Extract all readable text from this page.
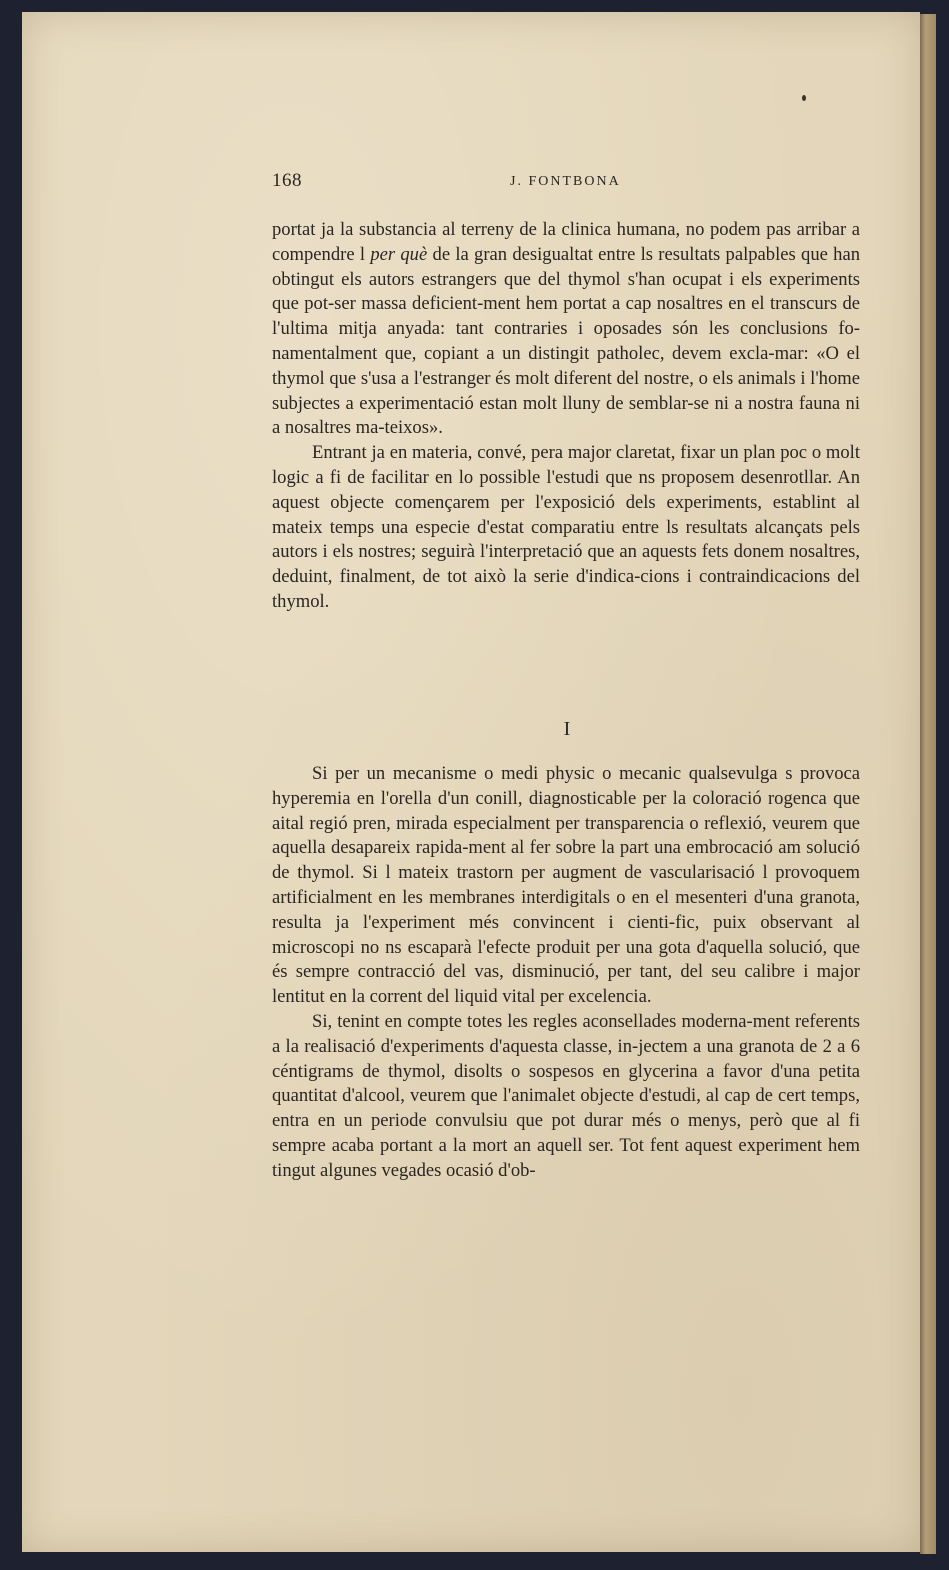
168	J. FONTBONA

portat ja la substancia al terreny de la clinica humana, no podem pas arribar a compendre l per què de la gran desigualtat entre ls resultats palpables que han obtingut els autors estrangers que del thymol s'han ocupat i els experiments que pot-ser massa deficient-ment hem portat a cap nosaltres en el transcurs de l'ultima mitja anyada: tant contraries i oposades són les conclusions fo-namentalment que, copiant a un distingit patholec, devem excla-mar: «O el thymol que s'usa a l'estranger és molt diferent del nostre, o els animals i l'home subjectes a experimentació estan molt lluny de semblar-se ni a nostra fauna ni a nosaltres ma-teixos».

Entrant ja en materia, convé, pera major claretat, fixar un plan poc o molt logic a fi de facilitar en lo possible l'estudi que ns proposem desenrotllar. An aquest objecte començarem per l'exposició dels experiments, establint al mateix temps una especie d'estat comparatiu entre ls resultats alcançats pels autors i els nostres; seguirà l'interpretació que an aquests fets donem nosaltres, deduint, finalment, de tot això la serie d'indica-cions i contraindicacions del thymol.

I

Si per un mecanisme o medi physic o mecanic qualsevulga s provoca hyperemia en l'orella d'un conill, diagnosticable per la coloració rogenca que aital regió pren, mirada especialment per transparencia o reflexió, veurem que aquella desapareix rapida-ment al fer sobre la part una embrocació am solució de thymol. Si l mateix trastorn per augment de vascularisació l provoquem artificialment en les membranes interdigitals o en el mesenteri d'una granota, resulta ja l'experiment més convincent i cienti-fic, puix observant al microscopi no ns escaparà l'efecte produit per una gota d'aquella solució, que és sempre contracció del vas, disminució, per tant, del seu calibre i major lentitut en la corrent del liquid vital per excelencia.

Si, tenint en compte totes les regles aconsellades moderna-ment referents a la realisació d'experiments d'aquesta classe, in-jectem a una granota de 2 a 6 céntigrams de thymol, disolts o sospesos en glycerina a favor d'una petita quantitat d'alcool, veurem que l'animalet objecte d'estudi, al cap de cert temps, entra en un periode convulsiu que pot durar més o menys, però que al fi sempre acaba portant a la mort an aquell ser. Tot fent aquest experiment hem tingut algunes vegades ocasió d'ob-
